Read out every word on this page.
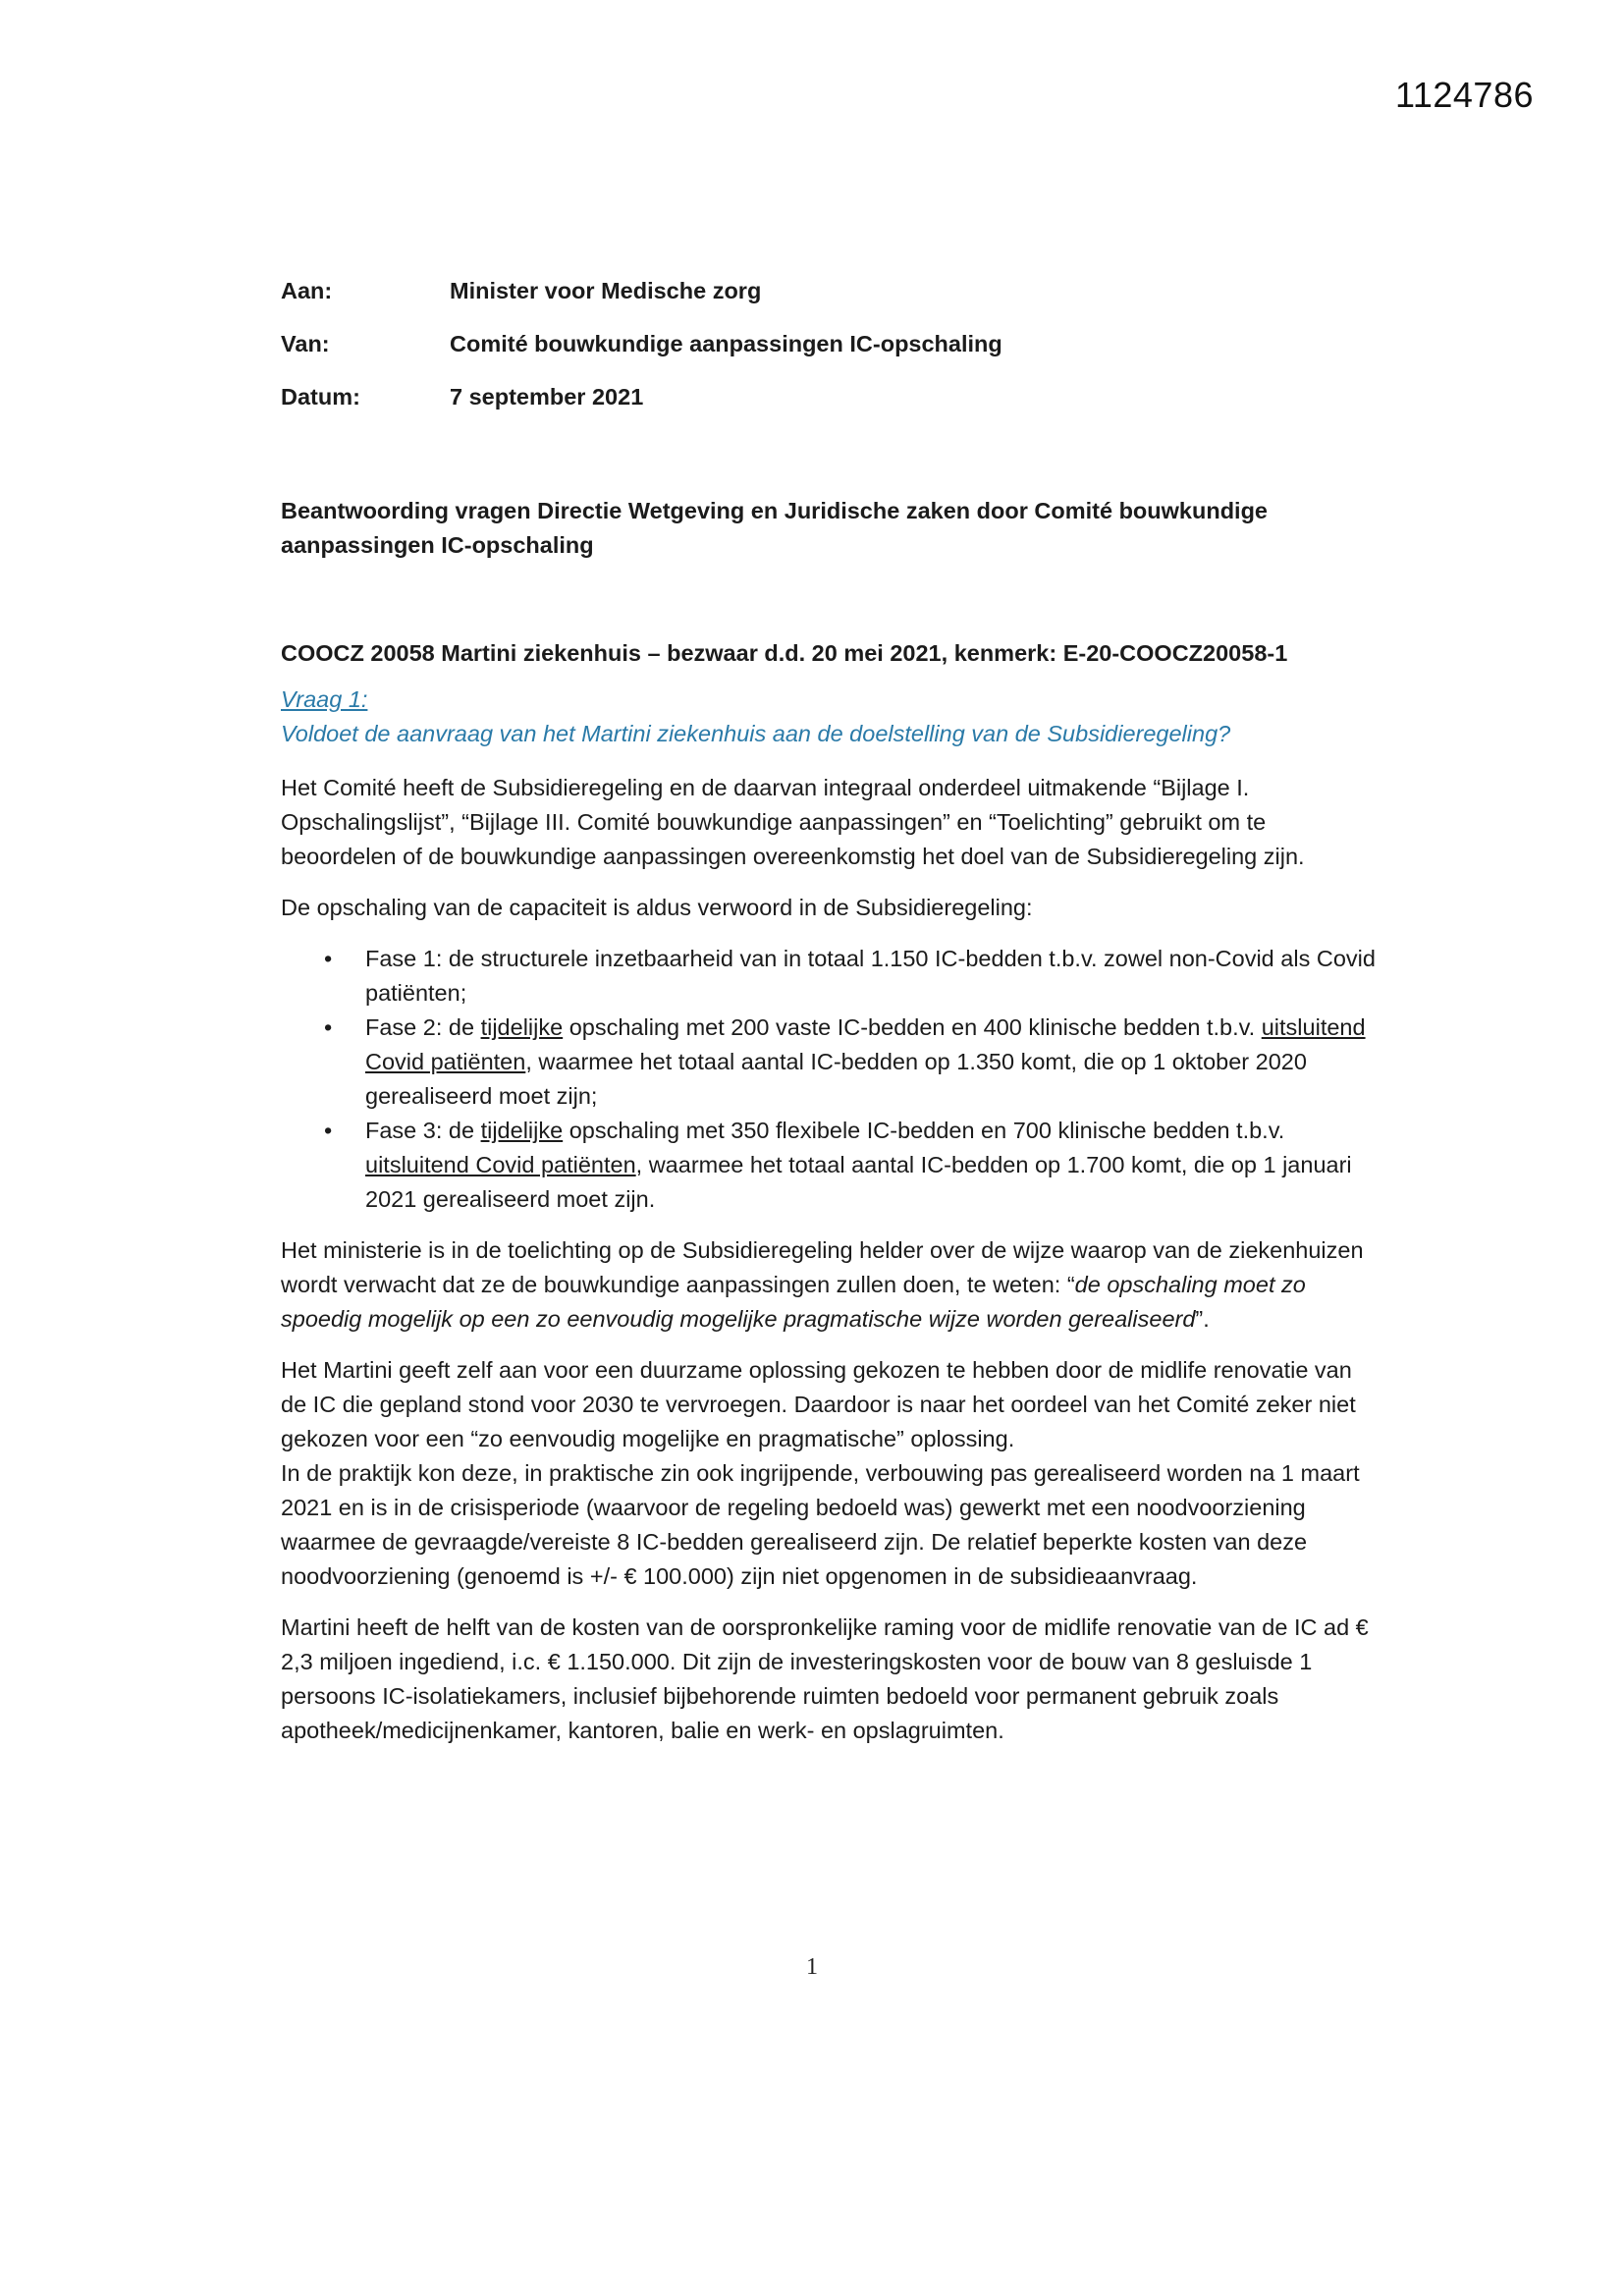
1124786
Aan:	Minister voor Medische zorg
Van:	Comité bouwkundige aanpassingen IC-opschaling
Datum:	7 september 2021
Beantwoording vragen Directie Wetgeving en Juridische zaken door Comité bouwkundige aanpassingen IC-opschaling
COOCZ 20058 Martini ziekenhuis – bezwaar d.d. 20 mei 2021, kenmerk: E-20-COOCZ20058-1
Vraag 1:
Voldoet de aanvraag van het Martini ziekenhuis aan de doelstelling van de Subsidieregeling?

Het Comité heeft de Subsidieregeling en de daarvan integraal onderdeel uitmakende “Bijlage I. Opschalingslijst”, “Bijlage III. Comité bouwkundige aanpassingen” en “Toelichting” gebruikt om te beoordelen of de bouwkundige aanpassingen overeenkomstig het doel van de Subsidieregeling zijn.

De opschaling van de capaciteit is aldus verwoord in de Subsidieregeling:

• Fase 1: de structurele inzetbaarheid van in totaal 1.150 IC-bedden t.b.v. zowel non-Covid als Covid patiënten;
• Fase 2: de tijdelijke opschaling met 200 vaste IC-bedden en 400 klinische bedden t.b.v. uitsluitend Covid patiënten, waarmee het totaal aantal IC-bedden op 1.350 komt, die op 1 oktober 2020 gerealiseerd moet zijn;
• Fase 3: de tijdelijke opschaling met 350 flexibele IC-bedden en 700 klinische bedden t.b.v. uitsluitend Covid patiënten, waarmee het totaal aantal IC-bedden op 1.700 komt, die op 1 januari 2021 gerealiseerd moet zijn.

Het ministerie is in de toelichting op de Subsidieregeling helder over de wijze waarop van de ziekenhuizen wordt verwacht dat ze de bouwkundige aanpassingen zullen doen, te weten: “de opschaling moet zo spoedig mogelijk op een zo eenvoudig mogelijke pragmatische wijze worden gerealiseerd”.

Het Martini geeft zelf aan voor een duurzame oplossing gekozen te hebben door de midlife renovatie van de IC die gepland stond voor 2030 te vervroegen. Daardoor is naar het oordeel van het Comité zeker niet gekozen voor een “zo eenvoudig mogelijke en pragmatische” oplossing.
In de praktijk kon deze, in praktische zin ook ingrijpende, verbouwing pas gerealiseerd worden na 1 maart 2021 en is in de crisisperiode (waarvoor de regeling bedoeld was) gewerkt met een noodvoorziening waarmee de gevraagde/vereiste 8 IC-bedden gerealiseerd zijn. De relatief beperkte kosten van deze noodvoorziening (genoemd is +/- € 100.000) zijn niet opgenomen in de subsidieaanvraag.

Martini heeft de helft van de kosten van de oorspronkelijke raming voor de midlife renovatie van de IC ad € 2,3 miljoen ingediend, i.c. € 1.150.000. Dit zijn de investeringskosten voor de bouw van 8 gesluisde 1 persoons IC-isolatiekamers, inclusief bijbehorende ruimten bedoeld voor permanent gebruik zoals apotheek/medicijnenkamer, kantoren, balie en werk- en opslagruimten.

1
